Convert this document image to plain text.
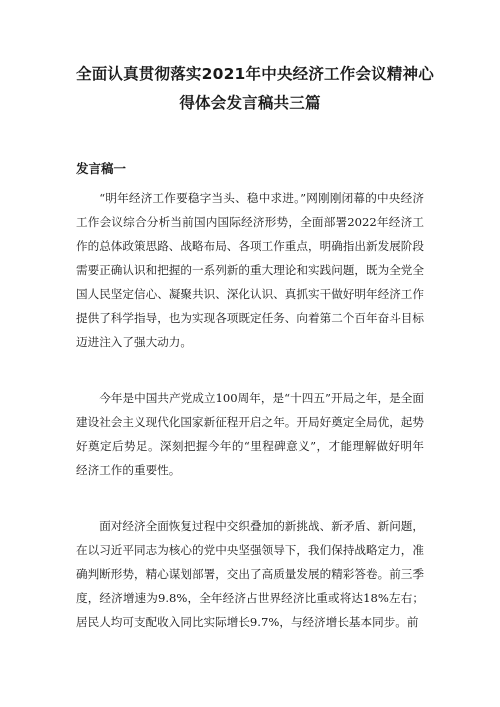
全面认真贯彻落实2021年中央经济工作会议精神心
得体会发言稿共三篇
发言稿一

“明年经济工作要稳字当头、稳中求进。”网刚刚闭幕的中央经济工作会议综合分析当前国内国际经济形势，全面部署2022年经济工作的总体政策思路、战略布局、各项工作重点，明确指出新发展阶段需要正确认识和把握的一系列新的重大理论和实践问题，既为全党全国人民坚定信心、凝聚共识、深化认识、真抓实干做好明年经济工作提供了科学指导，也为实现各项既定任务、向着第二个百年奋斗目标迈进注入了强大动力。

今年是中国共产党成立100周年，是“十四五”开局之年，是全面建设社会主义现代化国家新征程开启之年。开局好奠定全局优，起势好奠定后势足。深刻把握今年的“里程碑意义”，才能理解做好明年经济工作的重要性。

面对经济全面恢复过程中交织叠加的新挑战、新矛盾、新问题，在以习近平同志为核心的党中央坚强领导下，我们保持战略定力，准确判断形势，精心谋划部署，交出了高质量发展的精彩答卷。前三季度，经济增速为9.8%，全年经济占世界经济比重或将达18%左右；居民人均可支配收入同比实际增长9.7%，与经济增长基本同步。前
